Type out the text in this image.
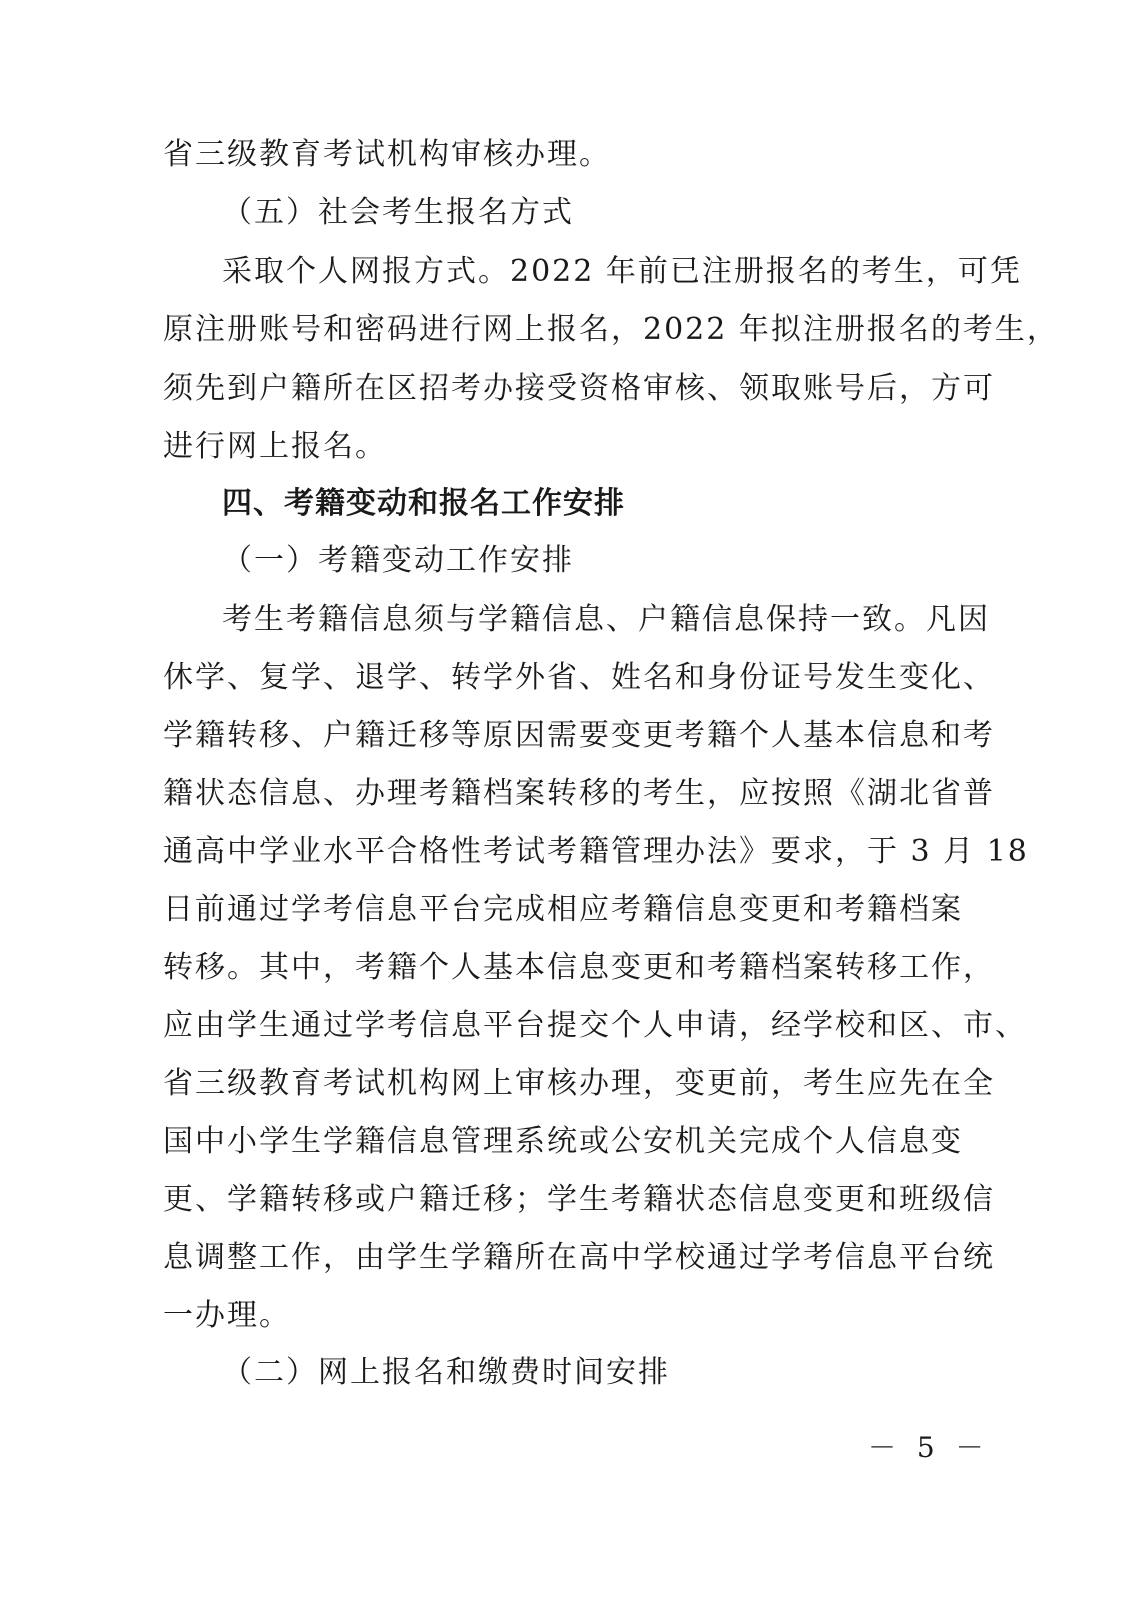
省三级教育考试机构审核办理。
（五）社会考生报名方式
采取个人网报方式。2022 年前已注册报名的考生，可凭
原注册账号和密码进行网上报名，2022 年拟注册报名的考生，
须先到户籍所在区招考办接受资格审核、领取账号后，方可
进行网上报名。
四、考籍变动和报名工作安排
（一）考籍变动工作安排
考生考籍信息须与学籍信息、户籍信息保持一致。凡因
休学、复学、退学、转学外省、姓名和身份证号发生变化、
学籍转移、户籍迁移等原因需要变更考籍个人基本信息和考
籍状态信息、办理考籍档案转移的考生，应按照《湖北省普
通高中学业水平合格性考试考籍管理办法》要求，于 3 月 18
日前通过学考信息平台完成相应考籍信息变更和考籍档案
转移。其中，考籍个人基本信息变更和考籍档案转移工作，
应由学生通过学考信息平台提交个人申请，经学校和区、市、
省三级教育考试机构网上审核办理，变更前，考生应先在全
国中小学生学籍信息管理系统或公安机关完成个人信息变
更、学籍转移或户籍迁移；学生考籍状态信息变更和班级信
息调整工作，由学生学籍所在高中学校通过学考信息平台统
一办理。
（二）网上报名和缴费时间安排
－ 5 －
